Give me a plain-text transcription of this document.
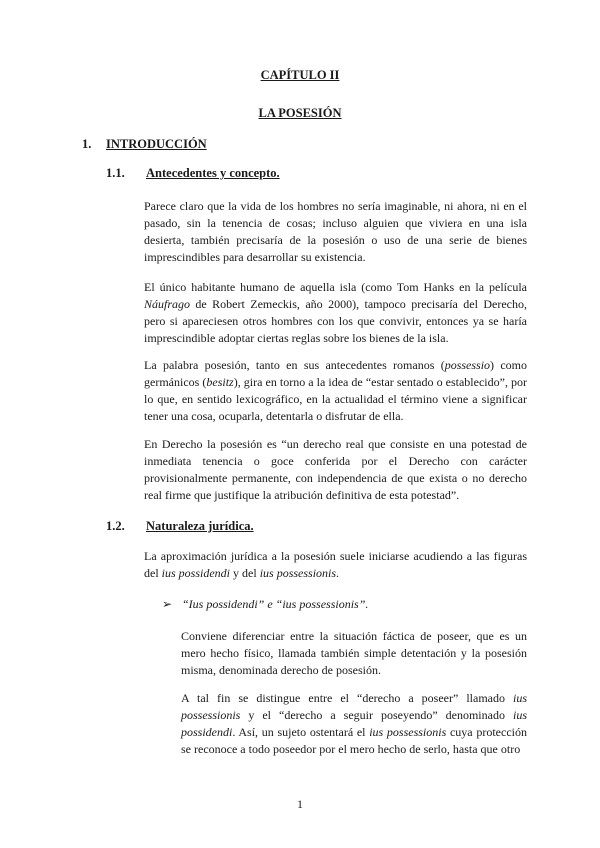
CAPÍTULO II
LA POSESIÓN
1. INTRODUCCIÓN
1.1. Antecedentes y concepto.

Parece claro que la vida de los hombres no sería imaginable, ni ahora, ni en el pasado, sin la tenencia de cosas; incluso alguien que viviera en una isla desierta, también precisaría de la posesión o uso de una serie de bienes imprescindibles para desarrollar su existencia.

El único habitante humano de aquella isla (como Tom Hanks en la película Náufrago de Robert Zemeckis, año 2000), tampoco precisaría del Derecho, pero si apareciesen otros hombres con los que convivir, entonces ya se haría imprescindible adoptar ciertas reglas sobre los bienes de la isla.

La palabra posesión, tanto en sus antecedentes romanos (possessio) como germánicos (besitz), gira en torno a la idea de “estar sentado o establecido”, por lo que, en sentido lexicográfico, en la actualidad el término viene a significar tener una cosa, ocuparla, detentarla o disfrutar de ella.

En Derecho la posesión es “un derecho real que consiste en una potestad de inmediata tenencia o goce conferida por el Derecho con carácter provisionalmente permanente, con independencia de que exista o no derecho real firme que justifique la atribución definitiva de esta potestad”.

1.2. Naturaleza jurídica.

La aproximación jurídica a la posesión suele iniciarse acudiendo a las figuras del ius possidendi y del ius possessionis.

➢ “Ius possidendi” e “ius possessionis”.

Conviene diferenciar entre la situación fáctica de poseer, que es un mero hecho físico, llamada también simple detentación y la posesión misma, denominada derecho de posesión.

A tal fin se distingue entre el “derecho a poseer” llamado ius possessionis y el “derecho a seguir poseyendo” denominado ius possidendi. Así, un sujeto ostentará el ius possessionis cuya protección se reconoce a todo poseedor por el mero hecho de serlo, hasta que otro

1
